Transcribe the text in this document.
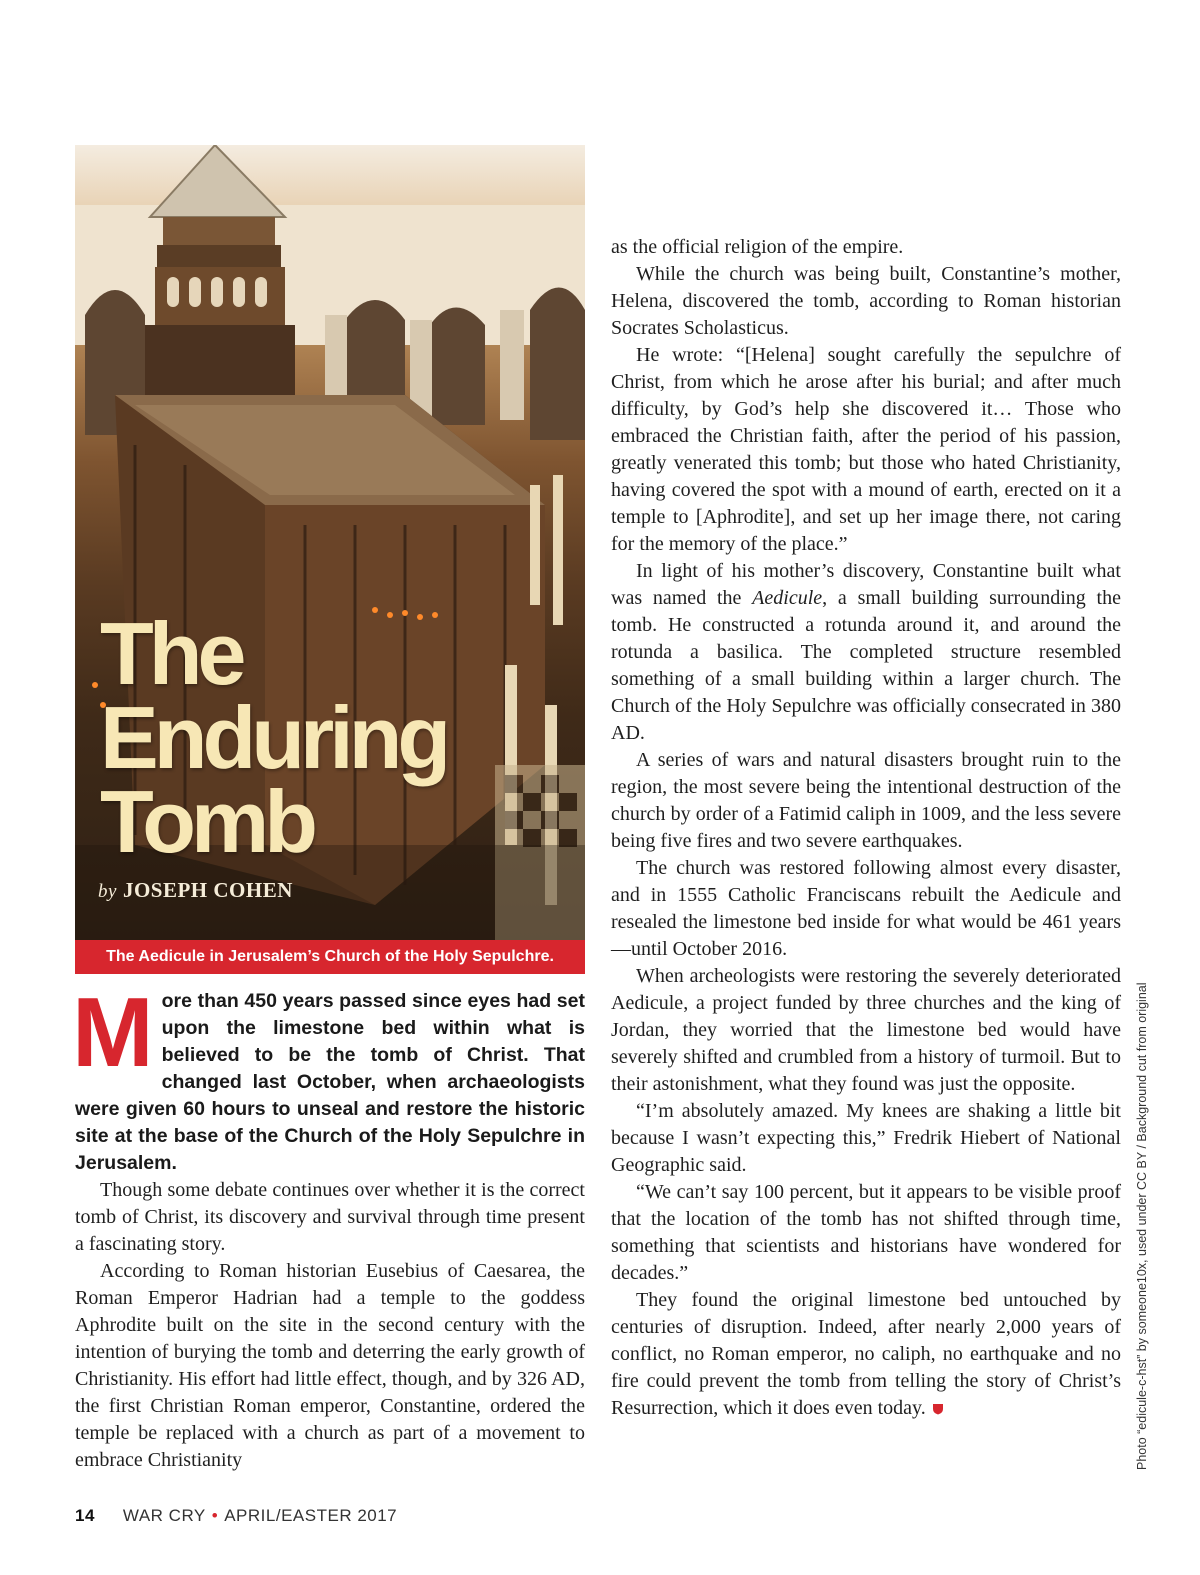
The Enduring Tomb
by JOSEPH COHEN
The Aedicule in Jerusalem’s Church of the Holy Sepulchre.

More than 450 years passed since eyes had set upon the limestone bed within what is believed to be the tomb of Christ. That changed last October, when archaeologists were given 60 hours to unseal and restore the historic site at the base of the Church of the Holy Sepulchre in Jerusalem.

Though some debate continues over whether it is the correct tomb of Christ, its discovery and survival through time present a fascinating story.

According to Roman historian Eusebius of Caesarea, the Roman Emperor Hadrian had a temple to the goddess Aphrodite built on the site in the second century with the intention of burying the tomb and deterring the early growth of Christianity. His effort had little effect, though, and by 326 AD, the first Christian Roman emperor, Constantine, ordered the temple be replaced with a church as part of a movement to embrace Christianity

as the official religion of the empire.

While the church was being built, Constantine’s mother, Helena, discovered the tomb, according to Roman historian Socrates Scholasticus.

He wrote: “[Helena] sought carefully the sepulchre of Christ, from which he arose after his burial; and after much difficulty, by God’s help she discovered it… Those who embraced the Christian faith, after the period of his passion, greatly venerated this tomb; but those who hated Christianity, having covered the spot with a mound of earth, erected on it a temple to [Aphrodite], and set up her image there, not caring for the memory of the place.”

In light of his mother’s discovery, Constantine built what was named the Aedicule, a small building surrounding the tomb. He constructed a rotunda around it, and around the rotunda a basilica. The completed structure resembled something of a small building within a larger church. The Church of the Holy Sepulchre was officially consecrated in 380 AD.

A series of wars and natural disasters brought ruin to the region, the most severe being the intentional destruction of the church by order of a Fatimid caliph in 1009, and the less severe being five fires and two severe earthquakes.

The church was restored following almost every disaster, and in 1555 Catholic Franciscans rebuilt the Aedicule and resealed the limestone bed inside for what would be 461 years—until October 2016.

When archeologists were restoring the severely deteriorated Aedicule, a project funded by three churches and the king of Jordan, they worried that the limestone bed would have severely shifted and crumbled from a history of turmoil. But to their astonishment, what they found was just the opposite.

“I’m absolutely amazed. My knees are shaking a little bit because I wasn’t expecting this,” Fredrik Hiebert of National Geographic said.

“We can’t say 100 percent, but it appears to be visible proof that the location of the tomb has not shifted through time, something that scientists and historians have wondered for decades.”

They found the original limestone bed untouched by centuries of disruption. Indeed, after nearly 2,000 years of conflict, no Roman emperor, no caliph, no earthquake and no fire could prevent the tomb from telling the story of Christ’s Resurrection, which it does even today.	Photo “edicule-c-hst” by someone10x, used under CC BY / Background cut from original
14 WAR CRY • APRIL/EASTER 2017
